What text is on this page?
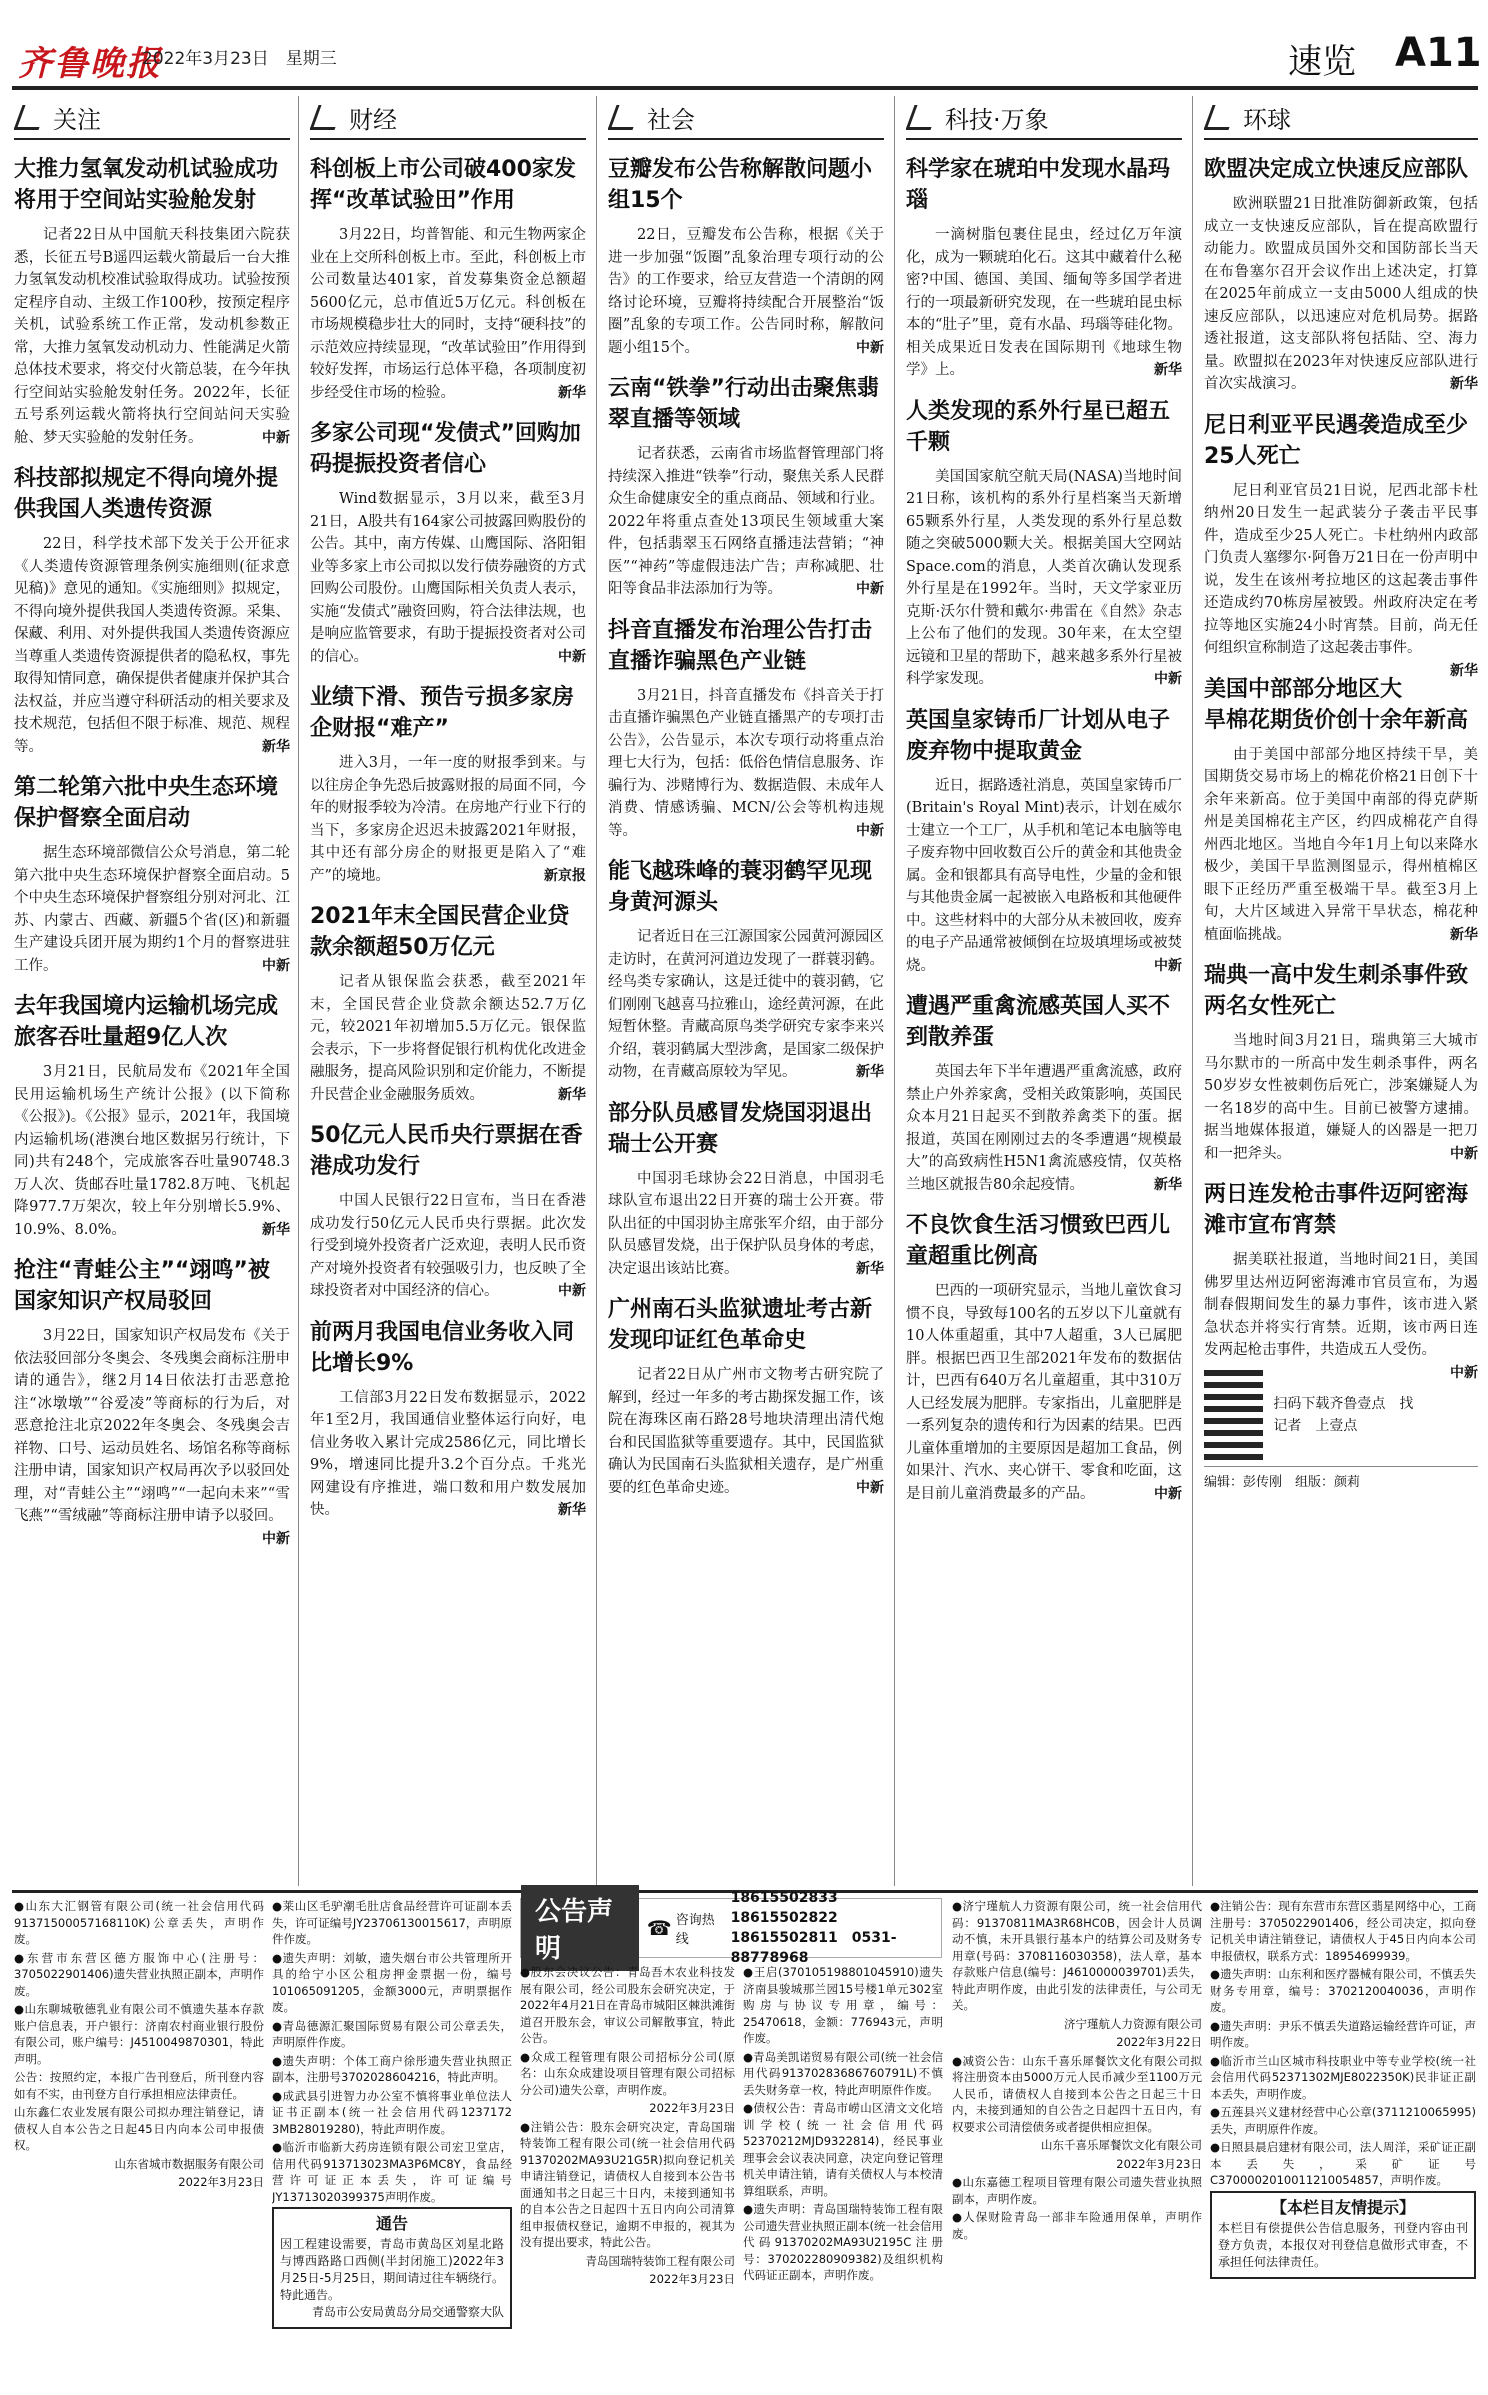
齐鲁晚报
2022年3月23日　星期三	速览 A11
关注
大推力氢氧发动机试验成功将用于空间站实验舱发射
记者22日从中国航天科技集团六院获悉，长征五号B遥四运载火箭最后一台大推力氢氧发动机校准试验取得成功。试验按预定程序自动、主级工作100秒，按预定程序关机，试验系统工作正常，发动机参数正常，大推力氢氧发动机动力、性能满足火箭总体技术要求，将交付火箭总装，在今年执行空间站实验舱发射任务。2022年，长征五号系列运载火箭将执行空间站问天实验舱、梦天实验舱的发射任务。	中新
科技部拟规定不得向境外提供我国人类遗传资源
22日，科学技术部下发关于公开征求《人类遗传资源管理条例实施细则(征求意见稿)》意见的通知。《实施细则》拟规定，不得向境外提供我国人类遗传资源。采集、保藏、利用、对外提供我国人类遗传资源应当尊重人类遗传资源提供者的隐私权，事先取得知情同意，确保提供者健康并保护其合法权益，并应当遵守科研活动的相关要求及技术规范，包括但不限于标准、规范、规程等。	新华
第二轮第六批中央生态环境保护督察全面启动
据生态环境部微信公众号消息，第二轮第六批中央生态环境保护督察全面启动。5个中央生态环境保护督察组分别对河北、江苏、内蒙古、西藏、新疆5个省(区)和新疆生产建设兵团开展为期约1个月的督察进驻工作。	中新
去年我国境内运输机场完成旅客吞吐量超9亿人次
3月21日，民航局发布《2021年全国民用运输机场生产统计公报》(以下简称《公报》)。《公报》显示，2021年，我国境内运输机场(港澳台地区数据另行统计，下同)共有248个，完成旅客吞吐量90748.3万人次、货邮吞吐量1782.8万吨、飞机起降977.7万架次，较上年分别增长5.9%、10.9%、8.0%。	新华
抢注“青蛙公主”“翊鸣”被国家知识产权局驳回
3月22日，国家知识产权局发布《关于依法驳回部分冬奥会、冬残奥会商标注册申请的通告》，继2月14日依法打击恶意抢注“冰墩墩”“谷爱凌”等商标的行为后，对恶意抢注北京2022年冬奥会、冬残奥会吉祥物、口号、运动员姓名、场馆名称等商标注册申请，国家知识产权局再次予以驳回处理，对“青蛙公主”“翊鸣”“一起向未来”“雪飞燕”“雪绒融”等商标注册申请予以驳回。
中新
财经
科创板上市公司破400家发挥“改革试验田”作用
3月22日，均普智能、和元生物两家企业在上交所科创板上市。至此，科创板上市公司数量达401家，首发募集资金总额超5600亿元，总市值近5万亿元。科创板在市场规模稳步壮大的同时，支持“硬科技”的示范效应持续显现，“改革试验田”作用得到较好发挥，市场运行总体平稳，各项制度初步经受住市场的检验。	新华
多家公司现“发债式”回购加码提振投资者信心
Wind数据显示，3月以来，截至3月21日，A股共有164家公司披露回购股份的公告。其中，南方传媒、山鹰国际、洛阳钼业等多家上市公司拟以发行债券融资的方式回购公司股份。山鹰国际相关负责人表示，实施“发债式”融资回购，符合法律法规，也是响应监管要求，有助于提振投资者对公司的信心。	中新
业绩下滑、预告亏损多家房企财报“难产”
进入3月，一年一度的财报季到来。与以往房企争先恐后披露财报的局面不同，今年的财报季较为冷清。在房地产行业下行的当下，多家房企迟迟未披露2021年财报，其中还有部分房企的财报更是陷入了“难产”的境地。	新京报
2021年末全国民营企业贷款余额超50万亿元
记者从银保监会获悉，截至2021年末，全国民营企业贷款余额达52.7万亿元，较2021年初增加5.5万亿元。银保监会表示，下一步将督促银行机构优化改进金融服务，提高风险识别和定价能力，不断提升民营企业金融服务质效。	新华
50亿元人民币央行票据在香港成功发行
中国人民银行22日宣布，当日在香港成功发行50亿元人民币央行票据。此次发行受到境外投资者广泛欢迎，表明人民币资产对境外投资者有较强吸引力，也反映了全球投资者对中国经济的信心。	中新
前两月我国电信业务收入同比增长9%
工信部3月22日发布数据显示，2022年1至2月，我国通信业整体运行向好，电信业务收入累计完成2586亿元，同比增长9%，增速同比提升3.2个百分点。千兆光网建设有序推进，端口数和用户数发展加快。	新华
社会
豆瓣发布公告称解散问题小组15个
22日，豆瓣发布公告称，根据《关于进一步加强“饭圈”乱象治理专项行动的公告》的工作要求，给豆友营造一个清朗的网络讨论环境，豆瓣将持续配合开展整治“饭圈”乱象的专项工作。公告同时称，解散问题小组15个。	中新
云南“铁拳”行动出击聚焦翡翠直播等领域
记者获悉，云南省市场监督管理部门将持续深入推进“铁拳”行动，聚焦关系人民群众生命健康安全的重点商品、领域和行业。2022年将重点查处13项民生领域重大案件，包括翡翠玉石网络直播违法营销；“神医”“神药”等虚假违法广告；声称减肥、壮阳等食品非法添加行为等。	中新
抖音直播发布治理公告打击直播诈骗黑色产业链
3月21日，抖音直播发布《抖音关于打击直播诈骗黑色产业链直播黑产的专项打击公告》，公告显示，本次专项行动将重点治理七大行为，包括：低俗色情信息服务、诈骗行为、涉赌博行为、数据造假、未成年人消费、情感诱骗、MCN/公会等机构违规等。	中新
能飞越珠峰的蓑羽鹤罕见现身黄河源头
记者近日在三江源国家公园黄河源园区走访时，在黄河河道边发现了一群蓑羽鹤。经鸟类专家确认，这是迁徙中的蓑羽鹤，它们刚刚飞越喜马拉雅山，途经黄河源，在此短暂休整。青藏高原鸟类学研究专家李来兴介绍，蓑羽鹤属大型涉禽，是国家二级保护动物，在青藏高原较为罕见。	新华
部分队员感冒发烧国羽退出瑞士公开赛
中国羽毛球协会22日消息，中国羽毛球队宣布退出22日开赛的瑞士公开赛。带队出征的中国羽协主席张军介绍，由于部分队员感冒发烧，出于保护队员身体的考虑，决定退出该站比赛。	新华
广州南石头监狱遗址考古新发现印证红色革命史
记者22日从广州市文物考古研究院了解到，经过一年多的考古勘探发掘工作，该院在海珠区南石路28号地块清理出清代炮台和民国监狱等重要遗存。其中，民国监狱确认为民国南石头监狱相关遗存，是广州重要的红色革命史迹。	中新
科技·万象
科学家在琥珀中发现水晶玛瑙
一滴树脂包裹住昆虫，经过亿万年演化，成为一颗琥珀化石。这其中藏着什么秘密?中国、德国、美国、缅甸等多国学者进行的一项最新研究发现，在一些琥珀昆虫标本的“肚子”里，竟有水晶、玛瑙等硅化物。相关成果近日发表在国际期刊《地球生物学》上。	新华
人类发现的系外行星已超五千颗
美国国家航空航天局(NASA)当地时间21日称，该机构的系外行星档案当天新增65颗系外行星，人类发现的系外行星总数随之突破5000颗大关。根据美国大空网站Space.com的消息，人类首次确认发现系外行星是在1992年。当时，天文学家亚历克斯·沃尔什赞和戴尔·弗雷在《自然》杂志上公布了他们的发现。30年来，在太空望远镜和卫星的帮助下，越来越多系外行星被科学家发现。	中新
英国皇家铸币厂计划从电子废弃物中提取黄金
近日，据路透社消息，英国皇家铸币厂(Britain's Royal Mint)表示，计划在威尔士建立一个工厂，从手机和笔记本电脑等电子废弃物中回收数百公斤的黄金和其他贵金属。金和银都具有高导电性，少量的金和银与其他贵金属一起被嵌入电路板和其他硬件中。这些材料中的大部分从未被回收，废弃的电子产品通常被倾倒在垃圾填埋场或被焚烧。	中新
遭遇严重禽流感英国人买不到散养蛋
英国去年下半年遭遇严重禽流感，政府禁止户外养家禽，受相关政策影响，英国民众本月21日起买不到散养禽类下的蛋。据报道，英国在刚刚过去的冬季遭遇“规模最大”的高致病性H5N1禽流感疫情，仅英格兰地区就报告80余起疫情。	新华
不良饮食生活习惯致巴西儿童超重比例高
巴西的一项研究显示，当地儿童饮食习惯不良，导致每100名的五岁以下儿童就有10人体重超重，其中7人超重，3人已属肥胖。根据巴西卫生部2021年发布的数据估计，巴西有640万名儿童超重，其中310万人已经发展为肥胖。专家指出，儿童肥胖是一系列复杂的遗传和行为因素的结果。巴西儿童体重增加的主要原因是超加工食品，例如果汁、汽水、夹心饼干、零食和吃面，这是目前儿童消费最多的产品。	中新
环球
欧盟决定成立快速反应部队
欧洲联盟21日批准防御新政策，包括成立一支快速反应部队，旨在提高欧盟行动能力。欧盟成员国外交和国防部长当天在布鲁塞尔召开会议作出上述决定，打算在2025年前成立一支由5000人组成的快速反应部队，以迅速应对危机局势。据路透社报道，这支部队将包括陆、空、海力量。欧盟拟在2023年对快速反应部队进行首次实战演习。	新华
尼日利亚平民遇袭造成至少25人死亡
尼日利亚官员21日说，尼西北部卡杜纳州20日发生一起武装分子袭击平民事件，造成至少25人死亡。卡杜纳州内政部门负责人塞缪尔·阿鲁万21日在一份声明中说，发生在该州考拉地区的这起袭击事件还造成约70栋房屋被毁。州政府决定在考拉等地区实施24小时宵禁。目前，尚无任何组织宣称制造了这起袭击事件。
新华
美国中部部分地区大旱棉花期货价创十余年新高
由于美国中部部分地区持续干旱，美国期货交易市场上的棉花价格21日创下十余年来新高。位于美国中南部的得克萨斯州是美国棉花主产区，约四成棉花产自得州西北地区。当地自今年1月上旬以来降水极少，美国干旱监测图显示，得州植棉区眼下正经历严重至极端干旱。截至3月上旬，大片区域进入异常干旱状态，棉花种植面临挑战。	新华
瑞典一高中发生刺杀事件致两名女性死亡
当地时间3月21日，瑞典第三大城市马尔默市的一所高中发生刺杀事件，两名50岁岁女性被刺伤后死亡，涉案嫌疑人为一名18岁的高中生。目前已被警方逮捕。据当地媒体报道，嫌疑人的凶器是一把刀和一把斧头。	中新
两日连发枪击事件迈阿密海滩市宣布宵禁
据美联社报道，当地时间21日，美国佛罗里达州迈阿密海滩市官员宣布，为遏制春假期间发生的暴力事件，该市进入紧急状态并将实行宵禁。近期，该市两日连发两起枪击事件，共造成五人受伤。
中新
扫码下载齐鲁壹点　找记者　上壹点
编辑：彭传刚　组版：颜莉

●山东大汇钢管有限公司(统一社会信用代码9137150005716811​0K)公章丢失，声明作废。

●东营市东营区德方服饰中心(注册号：370502290140​6)遗失营业执照正副本，声明作废。

●山东聊城敬德乳业有限公司不慎遗失基本存款账户信息表，开户银行：济南农村商业银行股份有限公司，账户编号：J4510049870301，特此声明。

公告：按照约定，本报广告刊登后，所刊登内容如有不实，由刊登方自行承担相应法律责任。

山东鑫仁农业发展有限公司拟办理注销登记，请债权人自本公告之日起45日内向本公司申报债权。

山东省城市数据服务有限公司

2022年3月23日

●莱山区毛驴潮毛肚店食品经营许可证副本丢失，许可证编号JY23706130015617，声明原件作废。

●遗失声明：刘敏，遗失烟台市公共管理所开具的给宁小区公租房押金票据一份，编号101065091205，金额3000元，声明票据作废。

●青岛德源汇聚国际贸易有限公司公章丢失，声明原件作废。

●遗失声明：个体工商户徐彤遗失营业执照正副本，注册号3702028604216，特此声明。

●成武县引进智力办公室不慎将事业单位法人证书正副本(统一社会信用代码1237172​3MB28019280)，特此声明作废。

●临沂市临新大药房连锁有限公司宏卫堂店，信用代码913713023MA3P6MC8Y，食品经营许可证正本丢失，许可证编号JY13713020399375声明作废。

通告
因工程建设需要，青岛市黄岛区刘星北路与博西路路口西侧(半封闭施工)2022年3月25日-5月25日，期间请过往车辆绕行。特此通告。
青岛市公安局黄岛分局交通警察大队
公告声明
☎ 咨询热线
18615502833　18615502822
18615502811　0531-88778968

●股东会决议公告：青岛吾木农业科技发展有限公司，经公司股东会研究决定，于2022年4月21日在青岛市城阳区棘洪滩街道召开股东会，审议公司解散事宜，特此公告。

●众成工程管理有限公司招标分公司(原名：山东众成建设项目管理有限公司招标分公司)遗失公章，声明作废。

2022年3月23日

●注销公告：股东会研究决定，青岛国瑞特装饰工程有限公司(统一社会信用代码913702​02MA93U21G5R)拟向登记机关申请注销登记，请债权人自接到本公告书面通知书之日起三十日内，未接到通知书的自本公告之日起四十五日内向公司清算组申报债权登记，逾期不申报的，视其为没有提出要求，特此公告。

青岛国瑞特装饰工程有限公司

2022年3月23日

●王启(370105198801045910)遗失济南县骏城那兰园15号楼1单元302室购房与协议专用章，编号：25470618，金额：776943元，声明作废。

●青岛美凯诺贸易有限公司(统一社会信用代码91370283686760791L)不慎丢失财务章一枚，特此声明原件作废。

●债权公告：青岛市崂山区清文文化培训学校(统一社会信用代码52370212MJD9322814)，经民事业理事会会议表决同意，决定向登记管理机关申请注销，请有关债权人与本校清算组联系，声明。

●遗失声明：青岛国瑞特装饰工程有限公司遗失营业执照正副本(统一社会信用代码913702​02MA93U2195C注册号：370202280909382)及组织机构代码证正副本，声明作废。

●济宁瑾航人力资源有限公司，统一社会信用代码：91370811MA3R68HC0B，因会计人员调动不慎，未开具银行基本户的结算公司及财务专用章(号码：3708116030358)，法人章，基本存款账户信息(编号：J4610000039701)丢失，特此声明作废，由此引发的法律责任，与公司无关。

济宁瑾航人力资源有限公司

2022年3月22日

●减资公告：山东千喜乐犀餐饮文化有限公司拟将注册资本由5000万元人民币减少至1100万元人民币，请债权人自接到本公告之日起三十日内，未接到通知的自公告之日起四十五日内，有权要求公司清偿债务或者提供相应担保。

山东千喜乐犀餐饮文化有限公司

2022年3月23日

●山东嘉德工程项目管理有限公司遗失营业执照副本，声明作废。

●人保财险青岛一部非车险通用保单，声明作废。

●注销公告：现有东营市东营区翡星网络中心，工商注册号：370502290140​6，经公司决定，拟向登记机关申请注销登记，请债权人于45日内向本公司申报债权，联系方式：18954699939。

●遗失声明：山东利和医疗器械有限公司，不慎丢失财务专用章，编号：37021200400​36，声明作废。

●遗失声明：尹乐不慎丢失道路运输经营许可证，声明作废。

●临沂市兰山区城市科技职业中等专业学校(统一社会信用代码52371302MJE8022350K)民非证正副本丢失，声明作废。

●五莲县兴义建材经营中心公章(37112100659​95)丢失，声明原件作废。

●日照县晨启建材有限公司，法人周洋，采矿证正副本丢失，采矿证号C3700002010011210054857，声明作废。

【本栏目友情提示】
本栏目有偿提供公告信息服务，刊登内容由刊登方负责，本报仅对刊登信息做形式审查，不承担任何法律责任。
